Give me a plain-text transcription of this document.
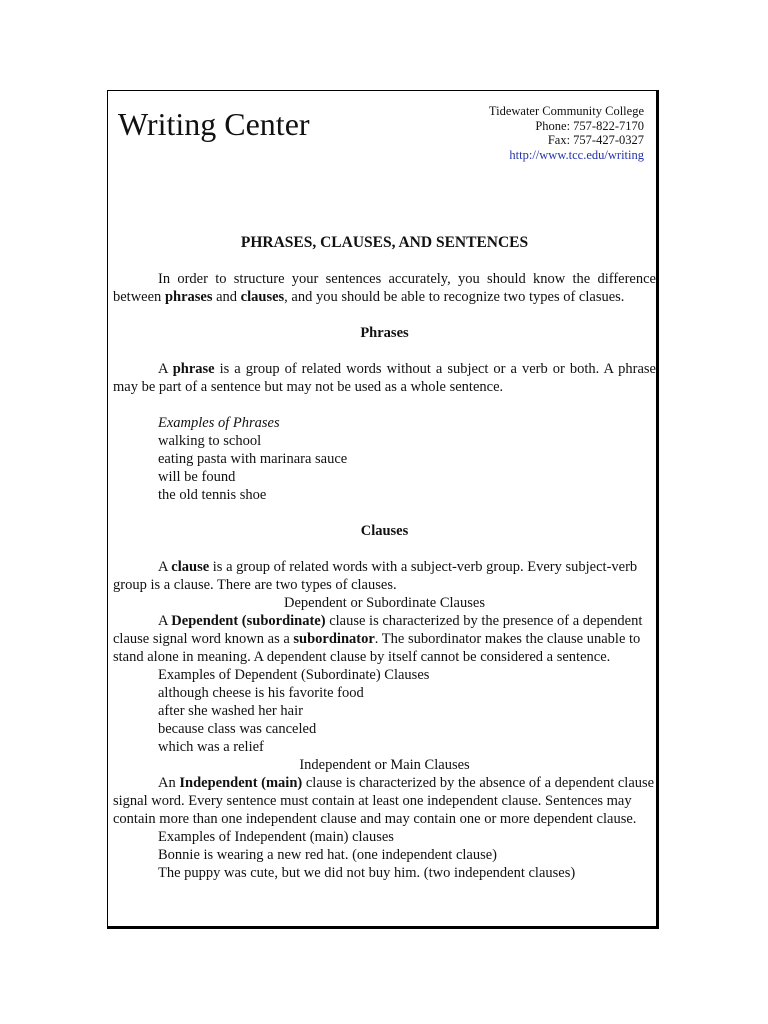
Writing Center	Tidewater Community College
Phone: 757-822-7170
Fax: 757-427-0327
http://www.tcc.edu/writing
PHRASES, CLAUSES, AND SENTENCES

In order to structure your sentences accurately, you should know the difference between phrases and clauses, and you should be able to recognize two types of clasues.

Phrases

A phrase is a group of related words without a subject or a verb or both. A phrase may be part of a sentence but may not be used as a whole sentence.

Examples of Phrases
walking to school
eating pasta with marinara sauce
will be found
the old tennis shoe
Clauses

A clause is a group of related words with a subject-verb group. Every subject-verb group is a clause. There are two types of clauses.

Dependent or Subordinate Clauses

A Dependent (subordinate) clause is characterized by the presence of a dependent clause signal word known as a subordinator. The subordinator makes the clause unable to stand alone in meaning. A dependent clause by itself cannot be considered a sentence.

Examples of Dependent (Subordinate) Clauses
although cheese is his favorite food
after she washed her hair
because class was canceled
which was a relief
Independent or Main Clauses

An Independent (main) clause is characterized by the absence of a dependent clause signal word. Every sentence must contain at least one independent clause. Sentences may contain more than one independent clause and may contain one or more dependent clause.

Examples of Independent (main) clauses
Bonnie is wearing a new red hat. (one independent clause)
The puppy was cute, but we did not buy him. (two independent clauses)
